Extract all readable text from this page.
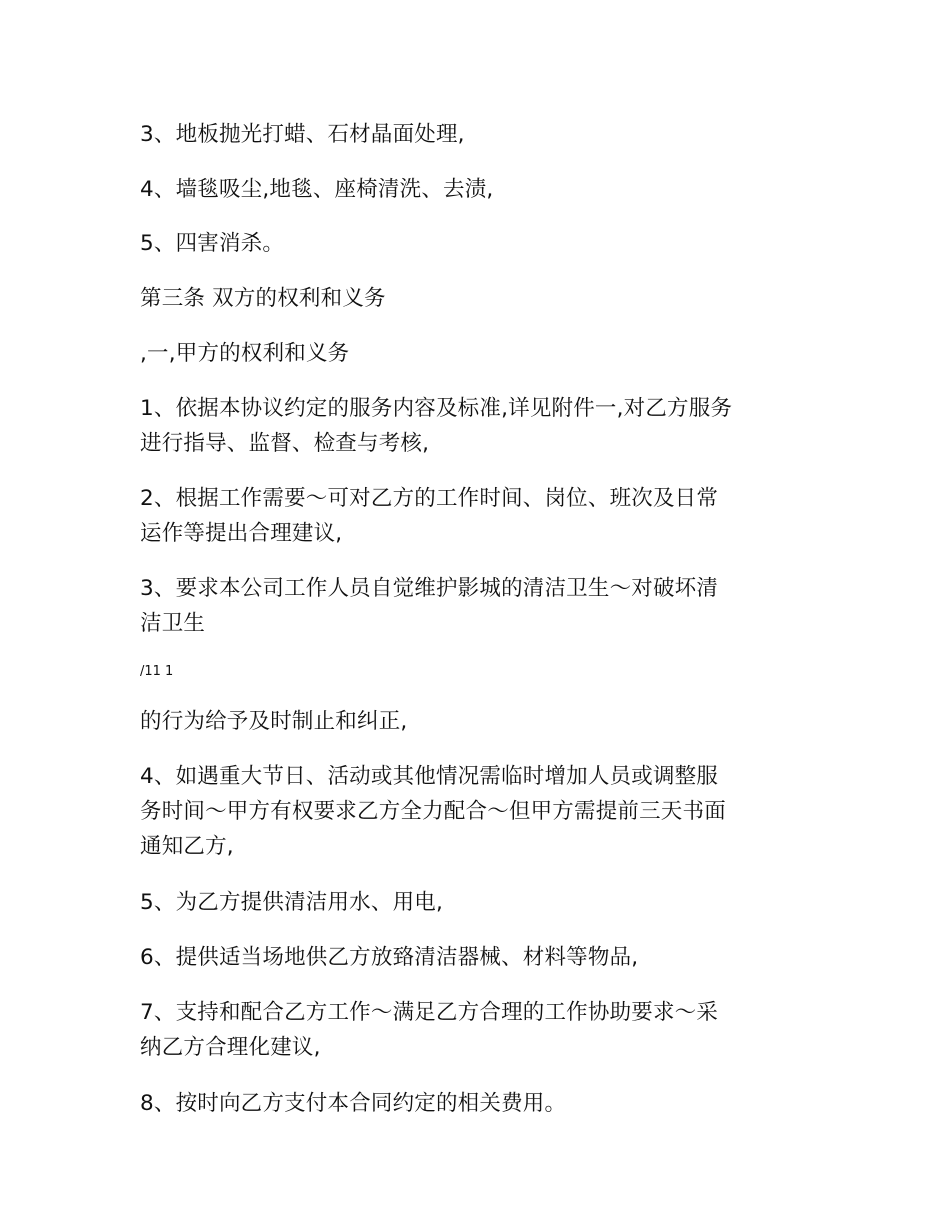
3、地板抛光打蜡、石材晶面处理,

4、墙毯吸尘,地毯、座椅清洗、去渍,

5、四害消杀。

第三条 双方的权利和义务

,一,甲方的权利和义务

1、依据本协议约定的服务内容及标准,详见附件一,对乙方服务

进行指导、监督、检查与考核,

2、根据工作需要～可对乙方的工作时间、岗位、班次及日常

运作等提出合理建议,

3、要求本公司工作人员自觉维护影城的清洁卫生～对破坏清

洁卫生

/11 1

的行为给予及时制止和纠正,

4、如遇重大节日、活动或其他情况需临时增加人员或调整服

务时间～甲方有权要求乙方全力配合～但甲方需提前三天书面

通知乙方,

5、为乙方提供清洁用水、用电,

6、提供适当场地供乙方放臵清洁器械、材料等物品,

7、支持和配合乙方工作～满足乙方合理的工作协助要求～采

纳乙方合理化建议,

8、按时向乙方支付本合同约定的相关费用。
